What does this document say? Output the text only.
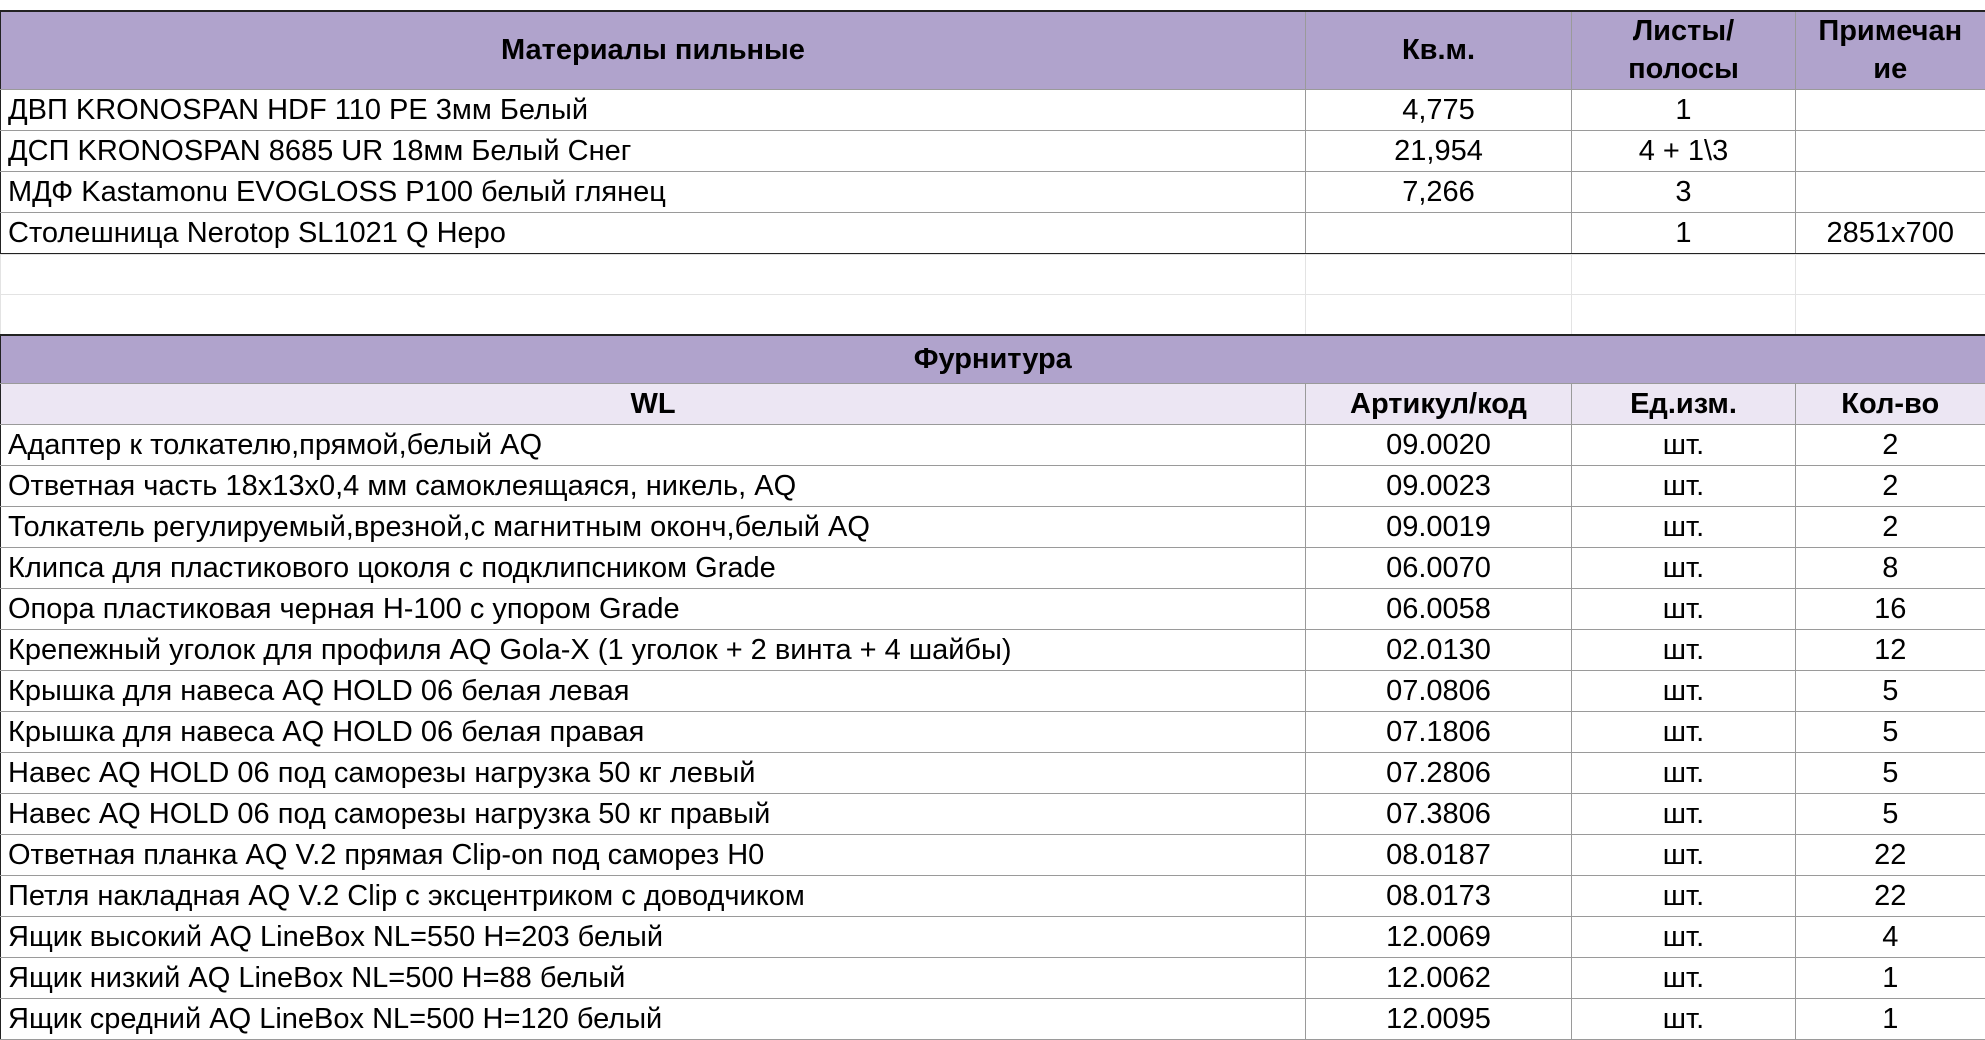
Материалы пильные	Кв.м.	Листы/ полосы	Примечан ие
ДВП KRONOSPAN HDF 110 PE 3мм Белый	4,775	1	
ДСП KRONOSPAN 8685 UR 18мм Белый Снег	21,954	4 + 1\3	
МДФ Kastamonu EVOGLOSS P100 белый глянец	7,266	3	
Столешница Nerotop SL1021 Q Неро		1	2851x700

Фурнитура			
WL	Артикул/код	Ед.изм.	Кол-во
Адаптер к толкателю,прямой,белый AQ	09.0020	шт.	2
Ответная часть 18х13х0,4 мм самоклеящаяся, никель, AQ	09.0023	шт.	2
Толкатель регулируемый,врезной,с магнитным оконч,белый AQ	09.0019	шт.	2
Клипса для пластикового цоколя с подклипсником Grade	06.0070	шт.	8
Опора пластиковая черная H-100 с упором Grade	06.0058	шт.	16
Крепежный уголок для профиля AQ Gola-X (1 уголок + 2 винта + 4 шайбы)	02.0130	шт.	12
Крышка для навеса AQ HOLD 06 белая левая	07.0806	шт.	5
Крышка для навеса AQ HOLD 06 белая правая	07.1806	шт.	5
Навес AQ HOLD 06 под саморезы нагрузка 50 кг левый	07.2806	шт.	5
Навес AQ HOLD 06 под саморезы нагрузка 50 кг правый	07.3806	шт.	5
Ответная планка AQ V.2 прямая Clip-on под саморез H0	08.0187	шт.	22
Петля накладная AQ V.2 Clip с эксцентриком с доводчиком	08.0173	шт.	22
Ящик высокий AQ LineBox NL=550 H=203 белый	12.0069	шт.	4
Ящик низкий AQ LineBox NL=500 H=88 белый	12.0062	шт.	1
Ящик средний AQ LineBox NL=500 H=120 белый	12.0095	шт.	1
